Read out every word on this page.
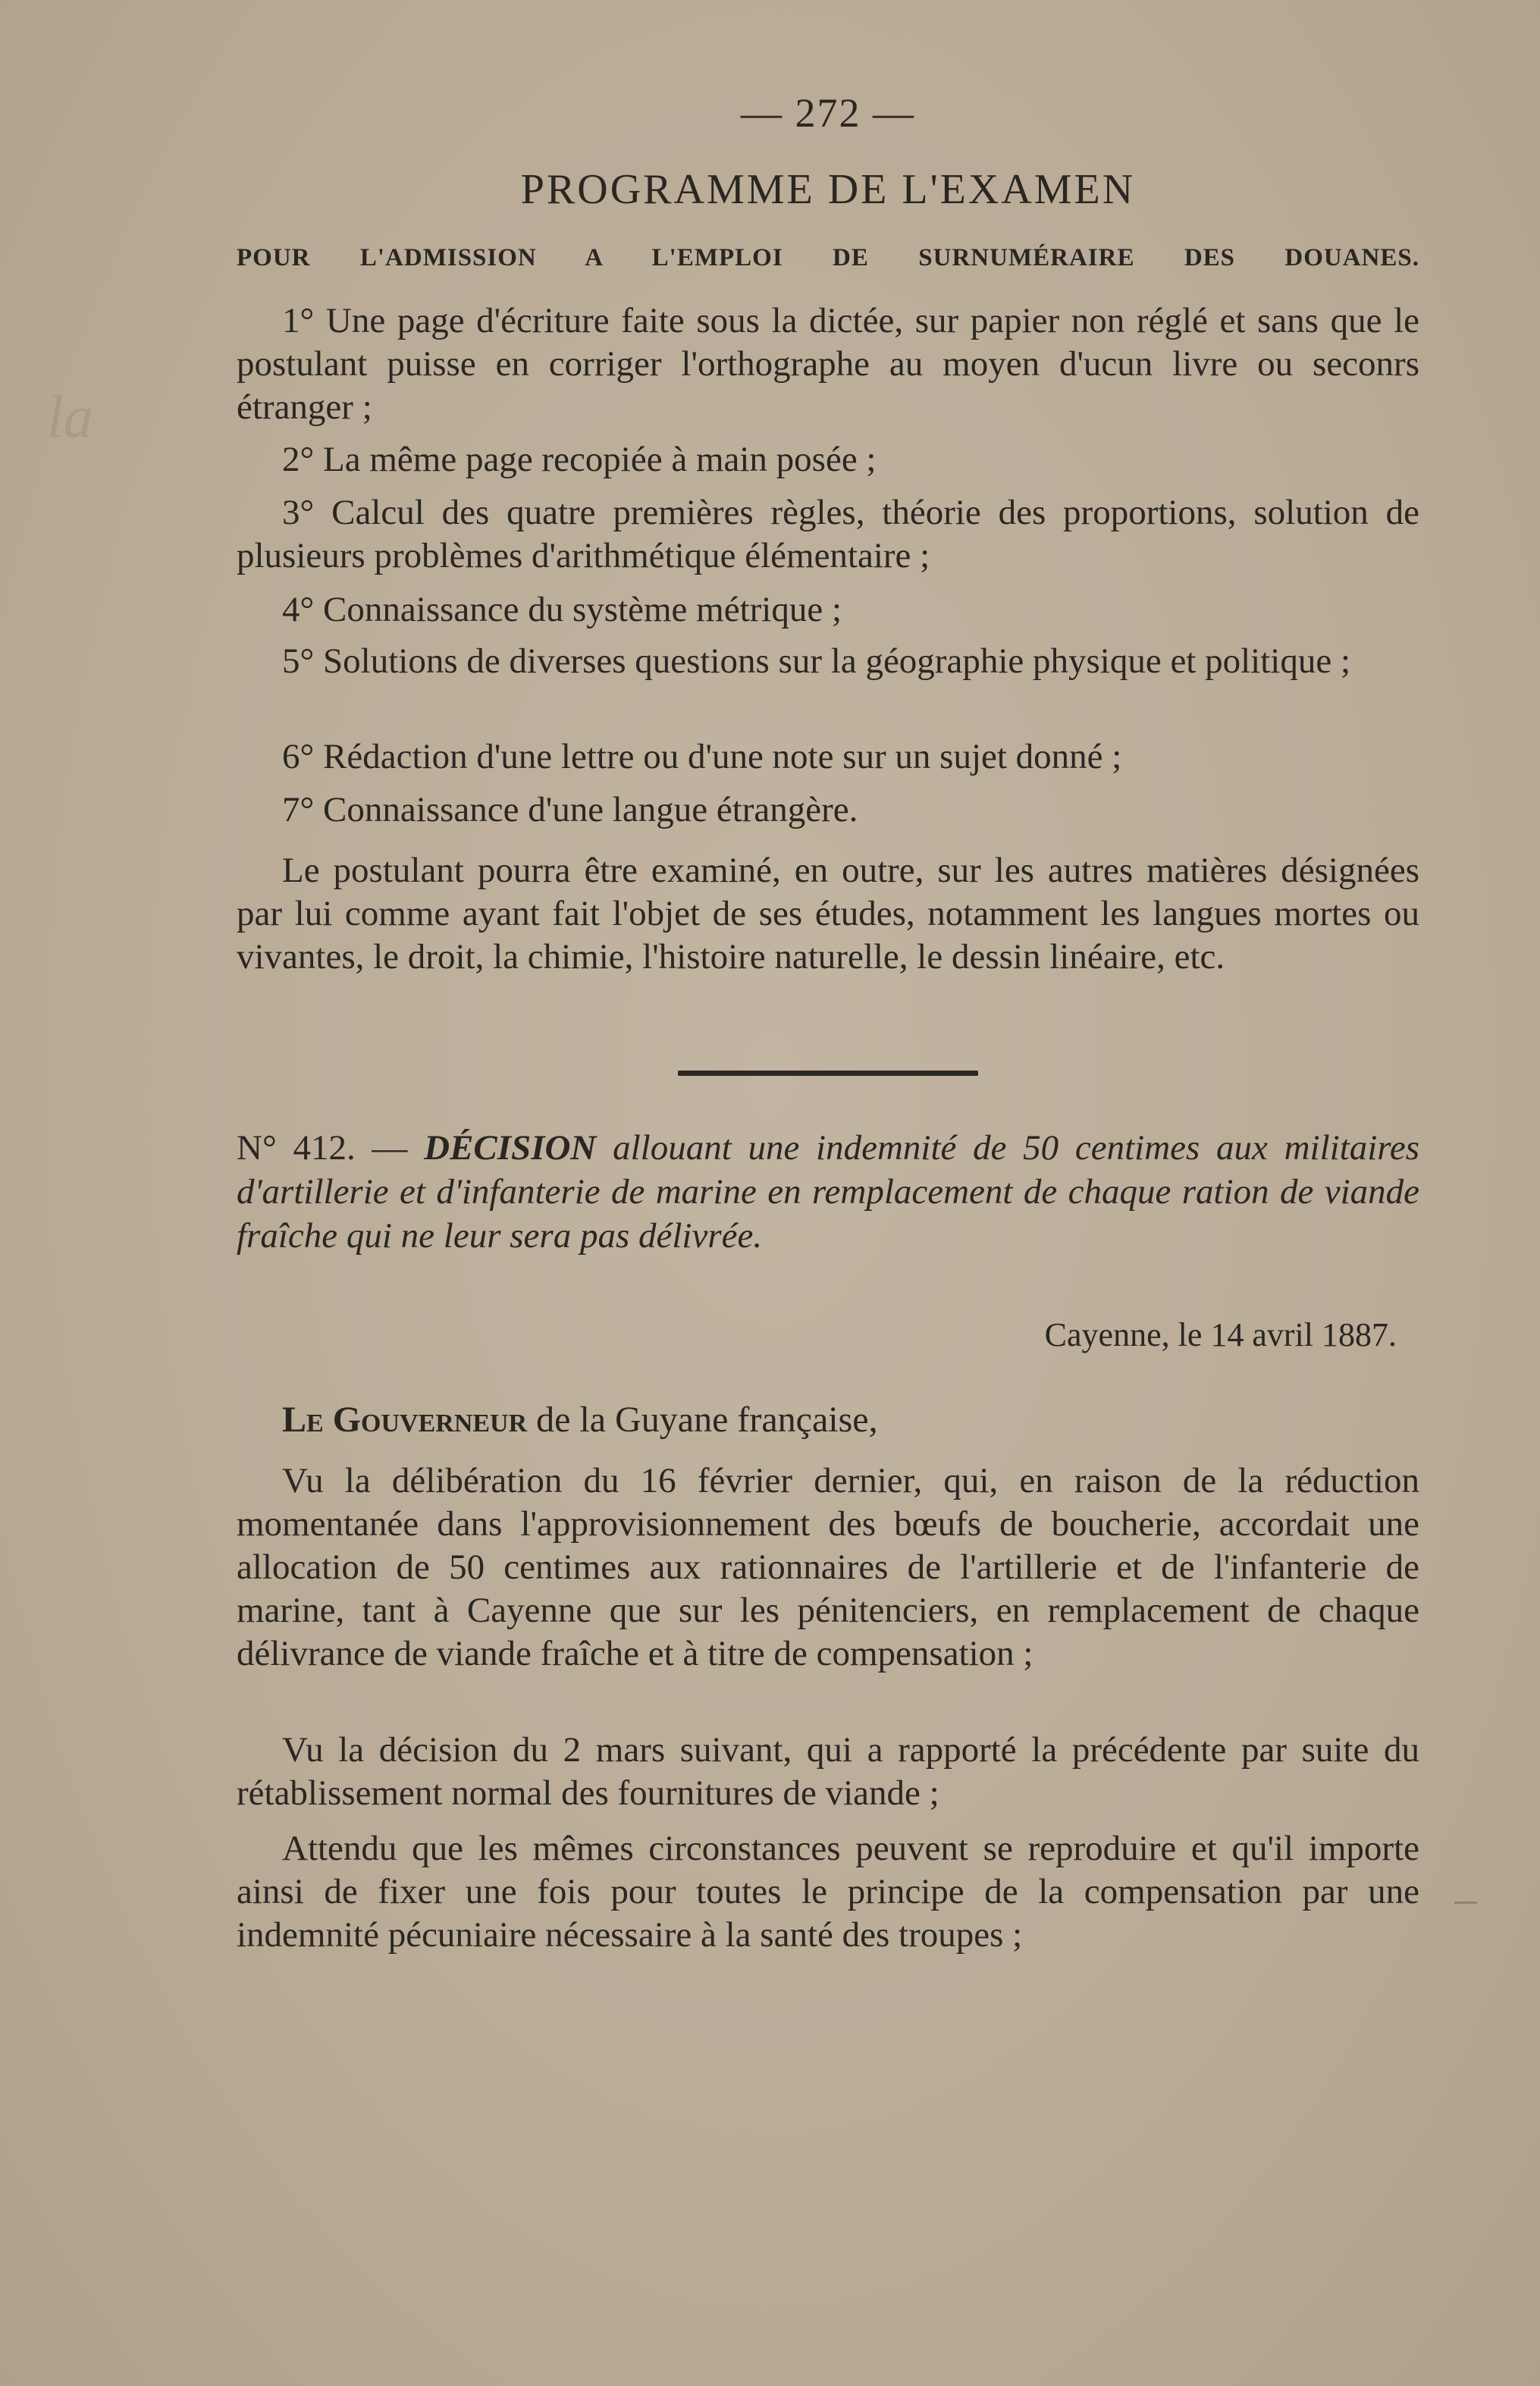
la
— 272 —
PROGRAMME DE L'EXAMEN
POUR L'ADMISSION A L'EMPLOI DE SURNUMÉRAIRE DES DOUANES.

1° Une page d'écriture faite sous la dictée, sur papier non réglé et sans que le postulant puisse en corriger l'orthographe au moyen d'ucun livre ou seconrs étranger ;

2° La même page recopiée à main posée ;

3° Calcul des quatre premières règles, théorie des proportions, solution de plusieurs problèmes d'arithmétique élémentaire ;

4° Connaissance du système métrique ;

5° Solutions de diverses questions sur la géographie physique et politique ;

6° Rédaction d'une lettre ou d'une note sur un sujet donné ;

7° Connaissance d'une langue étrangère.

Le postulant pourra être examiné, en outre, sur les autres matières désignées par lui comme ayant fait l'objet de ses études, notamment les langues mortes ou vivantes, le droit, la chimie, l'histoire naturelle, le dessin linéaire, etc.

N° 412. — DÉCISION allouant une indemnité de 50 centimes aux militaires d'artillerie et d'infanterie de marine en remplacement de chaque ration de viande fraîche qui ne leur sera pas délivrée.

Cayenne, le 14 avril 1887.
Le Gouverneur de la Guyane française,

Vu la délibération du 16 février dernier, qui, en raison de la réduction momentanée dans l'approvisionnement des bœufs de boucherie, accordait une allocation de 50 centimes aux rationnaires de l'artillerie et de l'infanterie de marine, tant à Cayenne que sur les pénitenciers, en remplacement de chaque délivrance de viande fraîche et à titre de compensation ;

Vu la décision du 2 mars suivant, qui a rapporté la précédente par suite du rétablissement normal des fournitures de viande ;

Attendu que les mêmes circonstances peuvent se reproduire et qu'il importe ainsi de fixer une fois pour toutes le principe de la compensation par une indemnité pécuniaire nécessaire à la santé des troupes ;
